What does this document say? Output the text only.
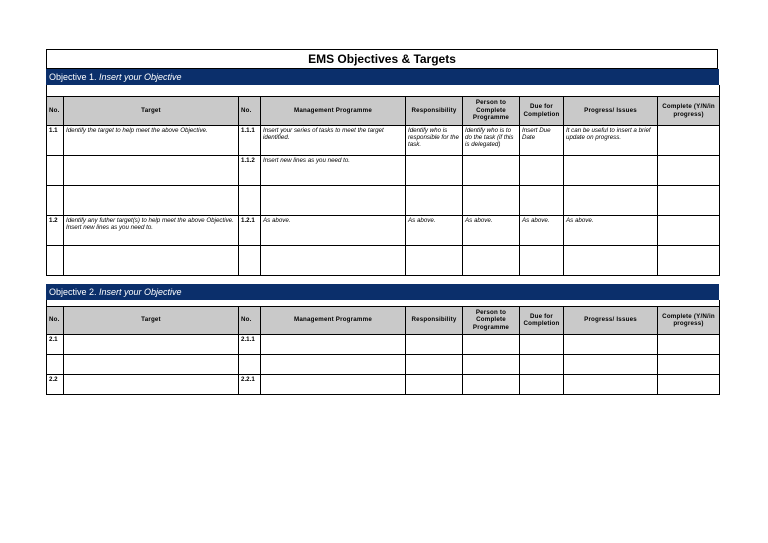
EMS Objectives & Targets
Objective 1. Insert your Objective

No.	Target	No.	Management Programme	Responsibility	Person to Complete Programme	Due for Completion	Progress/ Issues	Complete (Y/N/in progress)
1.1	Identify the target to help meet the above Objective.	1.1.1	Insert your series of tasks to meet the target identified.	Identify who is responsible for the task.	Identify who is to do the task (if this is delegated)	Insert Due Date	It can be useful to insert a brief update on progress.	
		1.1.2	Insert new lines as you need to.					

1.2	Identify any futher target(s) to help meet the above Objective. Insert new lines as you need to.	1.2.1	As above.	As above.	As above.	As above.	As above.	

Objective 2. Insert your Objective

No.	Target	No.	Management Programme	Responsibility	Person to Complete Programme	Due for Completion	Progress/ Issues	Complete (Y/N/in progress)
2.1		2.1.1						

2.2		2.2.1						
